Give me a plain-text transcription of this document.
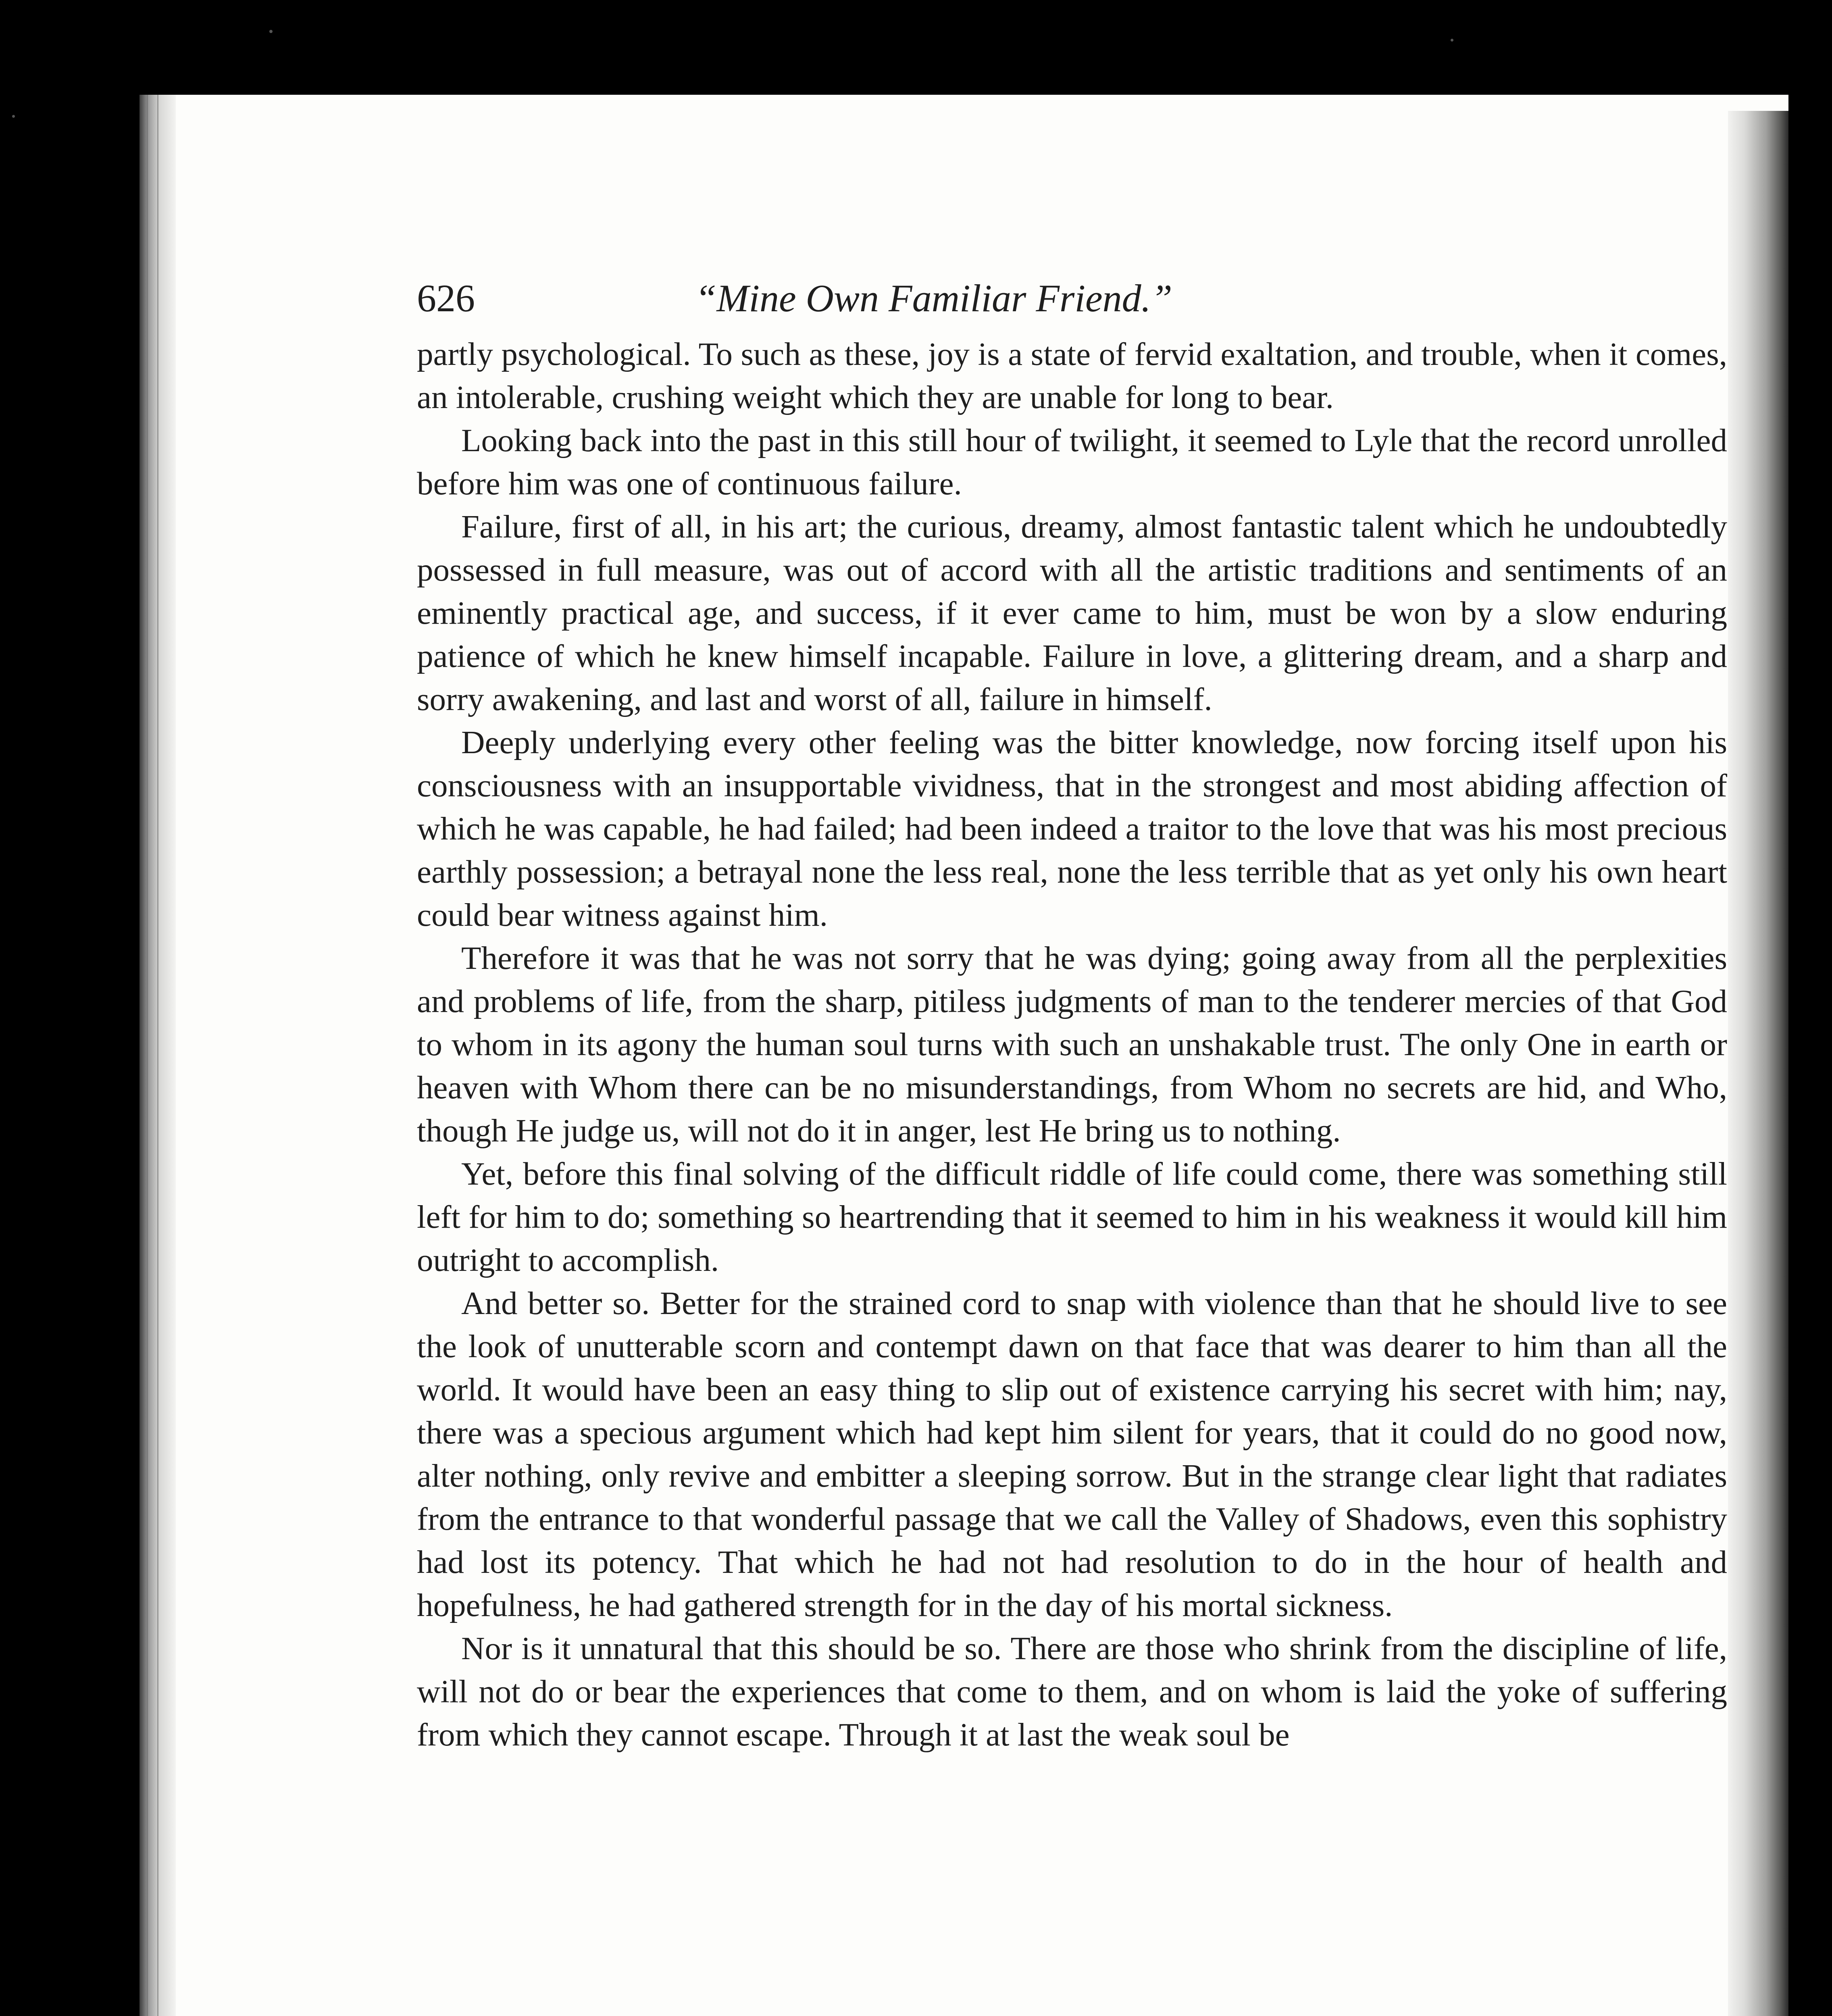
626	“Mine Own Familiar Friend.”

partly psychological. To such as these, joy is a state of fervid exaltation, and trouble, when it comes, an intolerable, crushing weight which they are unable for long to bear.

Looking back into the past in this still hour of twilight, it seemed to Lyle that the record unrolled before him was one of continuous failure.

Failure, first of all, in his art; the curious, dreamy, almost fantastic talent which he undoubtedly possessed in full measure, was out of accord with all the artistic traditions and sentiments of an eminently practical age, and success, if it ever came to him, must be won by a slow enduring patience of which he knew himself incapable. Failure in love, a glittering dream, and a sharp and sorry awakening, and last and worst of all, failure in himself.

Deeply underlying every other feeling was the bitter knowledge, now forcing itself upon his consciousness with an insupportable vividness, that in the strongest and most abiding affection of which he was capable, he had failed; had been indeed a traitor to the love that was his most precious earthly possession; a betrayal none the less real, none the less terrible that as yet only his own heart could bear witness against him.

Therefore it was that he was not sorry that he was dying; going away from all the perplexities and problems of life, from the sharp, pitiless judgments of man to the tenderer mercies of that God to whom in its agony the human soul turns with such an unshakable trust. The only One in earth or heaven with Whom there can be no misunderstandings, from Whom no secrets are hid, and Who, though He judge us, will not do it in anger, lest He bring us to nothing.

Yet, before this final solving of the difficult riddle of life could come, there was something still left for him to do; something so heartrending that it seemed to him in his weakness it would kill him outright to accomplish.

And better so. Better for the strained cord to snap with violence than that he should live to see the look of unutterable scorn and contempt dawn on that face that was dearer to him than all the world. It would have been an easy thing to slip out of existence carrying his secret with him; nay, there was a specious argument which had kept him silent for years, that it could do no good now, alter nothing, only revive and embitter a sleeping sorrow. But in the strange clear light that radiates from the entrance to that wonderful passage that we call the Valley of Shadows, even this sophistry had lost its potency. That which he had not had resolution to do in the hour of health and hopefulness, he had gathered strength for in the day of his mortal sickness.

Nor is it unnatural that this should be so. There are those who shrink from the discipline of life, will not do or bear the experiences that come to them, and on whom is laid the yoke of suffering from which they cannot escape. Through it at last the weak soul be
